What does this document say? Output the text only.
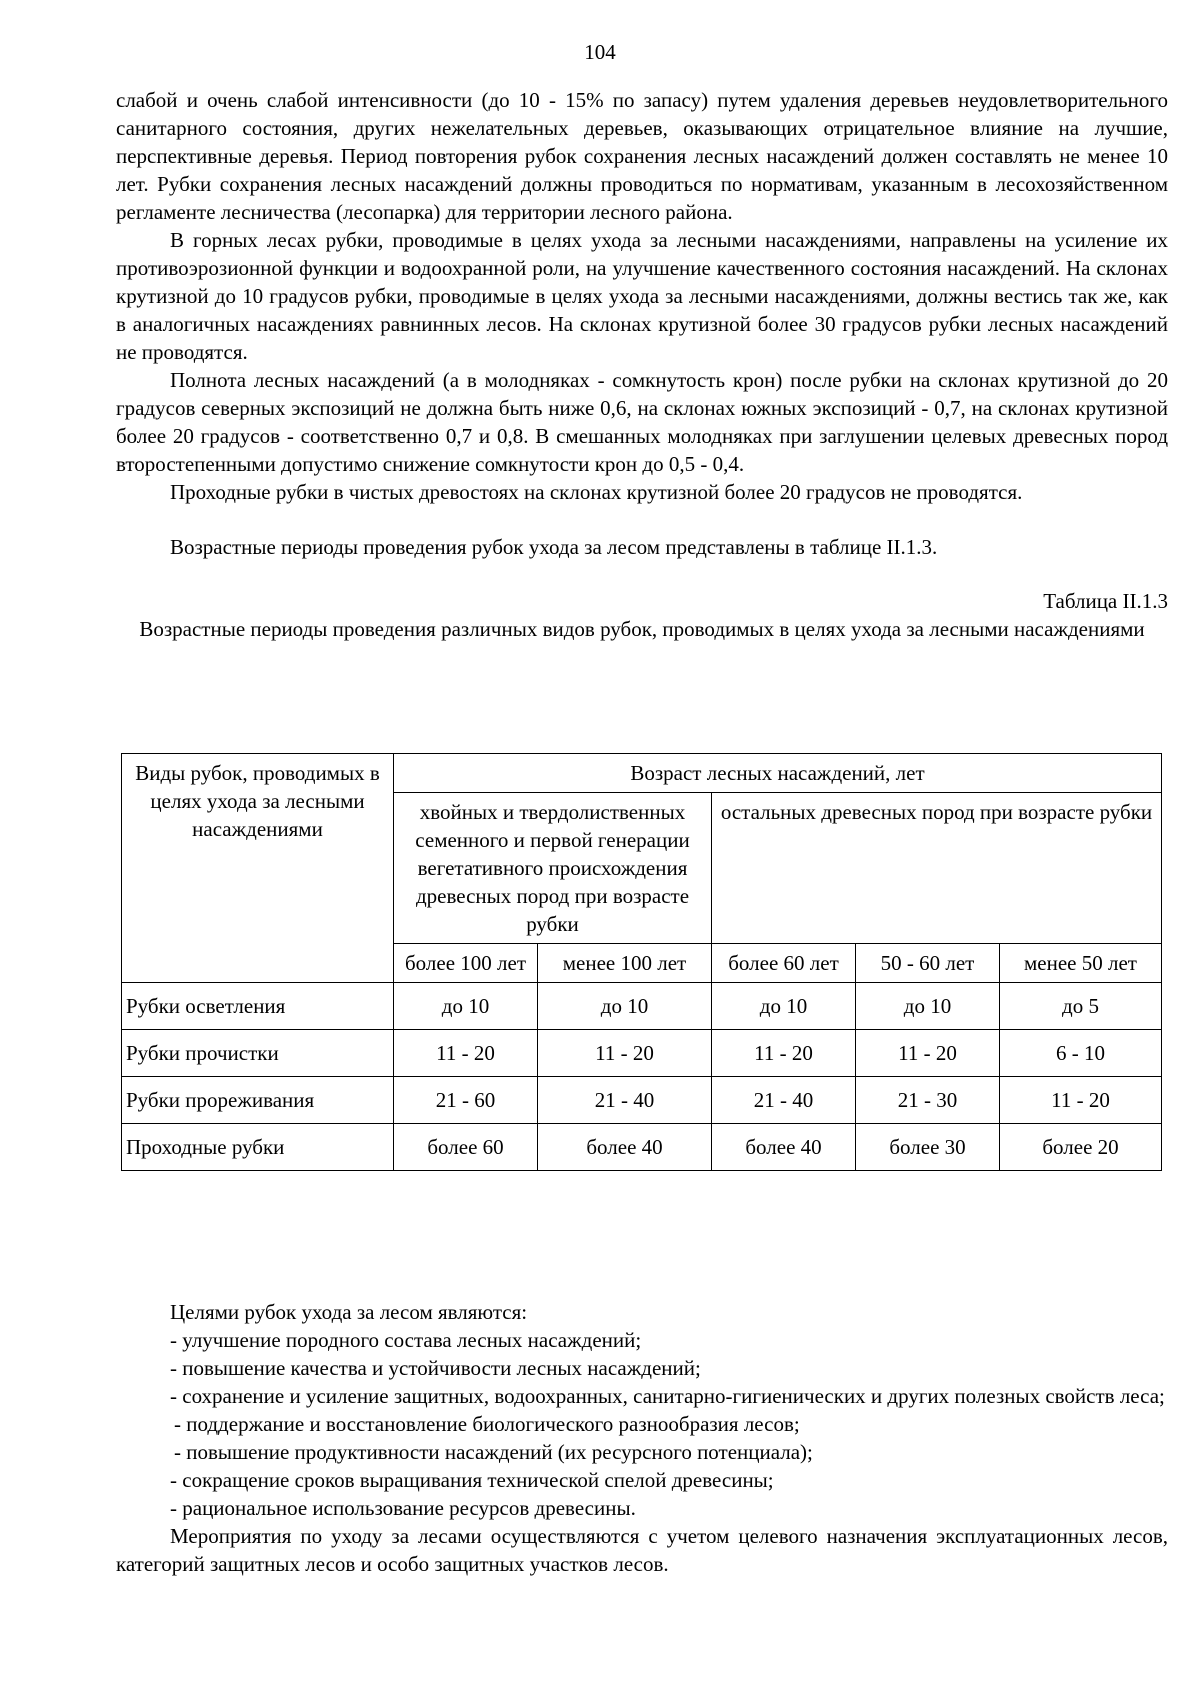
104

слабой и очень слабой интенсивности (до 10 - 15% по запасу) путем удаления деревьев неудовлетворительного санитарного состояния, других нежелательных деревьев, оказывающих отрицательное влияние на лучшие, перспективные деревья. Период повторения рубок сохранения лесных насаждений должен составлять не менее 10 лет. Рубки сохранения лесных насаждений должны проводиться по нормативам, указанным в лесохозяйственном регламенте лесничества (лесопарка) для территории лесного района.

В горных лесах рубки, проводимые в целях ухода за лесными насаждениями, направлены на усиление их противоэрозионной функции и водоохранной роли, на улучшение качественного состояния насаждений. На склонах крутизной до 10 градусов рубки, проводимые в целях ухода за лесными насаждениями, должны вестись так же, как в аналогичных насаждениях равнинных лесов. На склонах крутизной более 30 градусов рубки лесных насаждений не проводятся.

Полнота лесных насаждений (а в молодняках - сомкнутость крон) после рубки на склонах крутизной до 20 градусов северных экспозиций не должна быть ниже 0,6, на склонах южных экспозиций - 0,7, на склонах крутизной более 20 градусов - соответственно 0,7 и 0,8. В смешанных молодняках при заглушении целевых древесных пород второстепенными допустимо снижение сомкнутости крон до 0,5 - 0,4.

Проходные рубки в чистых древостоях на склонах крутизной более 20 градусов не проводятся.

Возрастные периоды проведения рубок ухода за лесом представлены в таблице II.1.3.

Таблица II.1.3

Возрастные периоды проведения различных видов рубок, проводимых в целях ухода за лесными насаждениями

Виды рубок, проводимых в целях ухода за лесными насаждениями	Возраст лесных насаждений, лет				
	хвойных и твердолиственных семенного и первой генерации вегетативного происхождения древесных пород при возрасте рубки		остальных древесных пород при возрасте рубки		
	более 100 лет	менее 100 лет	более 60 лет	50 - 60 лет	менее 50 лет
Рубки осветления	до 10	до 10	до 10	до 10	до 5
Рубки прочистки	11 - 20	11 - 20	11 - 20	11 - 20	6 - 10
Рубки прореживания	21 - 60	21 - 40	21 - 40	21 - 30	11 - 20
Проходные рубки	более 60	более 40	более 40	более 30	более 20

Целями рубок ухода за лесом являются:

- улучшение породного состава лесных насаждений;

- повышение качества и устойчивости лесных насаждений;

- сохранение и усиление защитных, водоохранных, санитарно-гигиенических и других полезных свойств леса;

- поддержание и восстановление биологического разнообразия лесов;

- повышение продуктивности насаждений (их ресурсного потенциала);

- сокращение сроков выращивания технической спелой древесины;

- рациональное использование ресурсов древесины.

Мероприятия по уходу за лесами осуществляются с учетом целевого назначения эксплуатационных лесов, категорий защитных лесов и особо защитных участков лесов.
